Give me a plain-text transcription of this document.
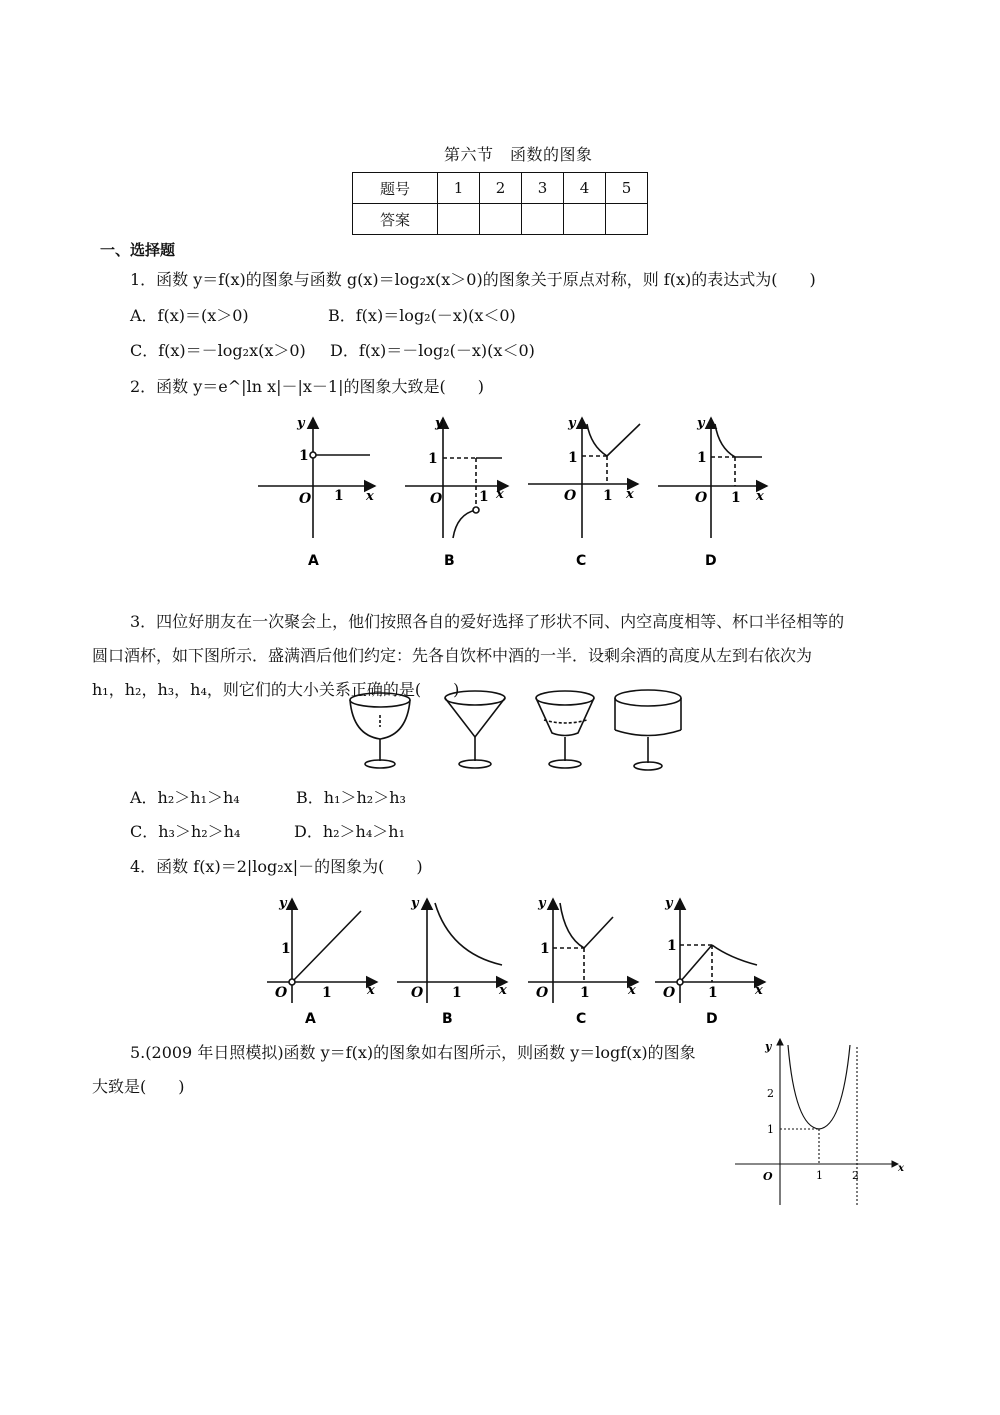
第六节　函数的图象
题号	1	2	3	4	5
答案					
一、选择题
1．函数 y＝f(x)的图象与函数 g(x)＝log₂x(x＞0)的图象关于原点对称，则 f(x)的表达式为(　　)
A．f(x)＝(x＞0)	B．f(x)＝log₂(－x)(x＜0)
C．f(x)＝－log₂x(x＞0) D．f(x)＝－log₂(－x)(x＜0)
2．函数 y＝e^|ln x|－|x－1|的图象大致是(　　)
y
1
O 1 x
A
y
1
O	1 x
B
y
1
O 1 x
C
y
1
O 1 x
D
3．四位好朋友在一次聚会上，他们按照各自的爱好选择了形状不同、内空高度相等、杯口半径相等的
圆口酒杯，如下图所示．盛满酒后他们约定：先各自饮杯中酒的一半．设剩余酒的高度从左到右依次为
h₁，h₂，h₃，h₄，则它们的大小关系正确的是(　　)
A．h₂＞h₁＞h₄	B．h₁＞h₂＞h₃
C．h₃＞h₂＞h₄	D．h₂＞h₄＞h₁
4．函数 f(x)＝2|log₂x|－的图象为(　　)
y
1
O 1	x
A
y
O 1	x
B
y
1
O 1	x
C
y
1
O 1	x
D
5.(2009 年日照模拟)函数 y＝f(x)的图象如右图所示，则函数 y＝logf(x)的图象
大致是(　　)
y
2
1
O	1	2
x
